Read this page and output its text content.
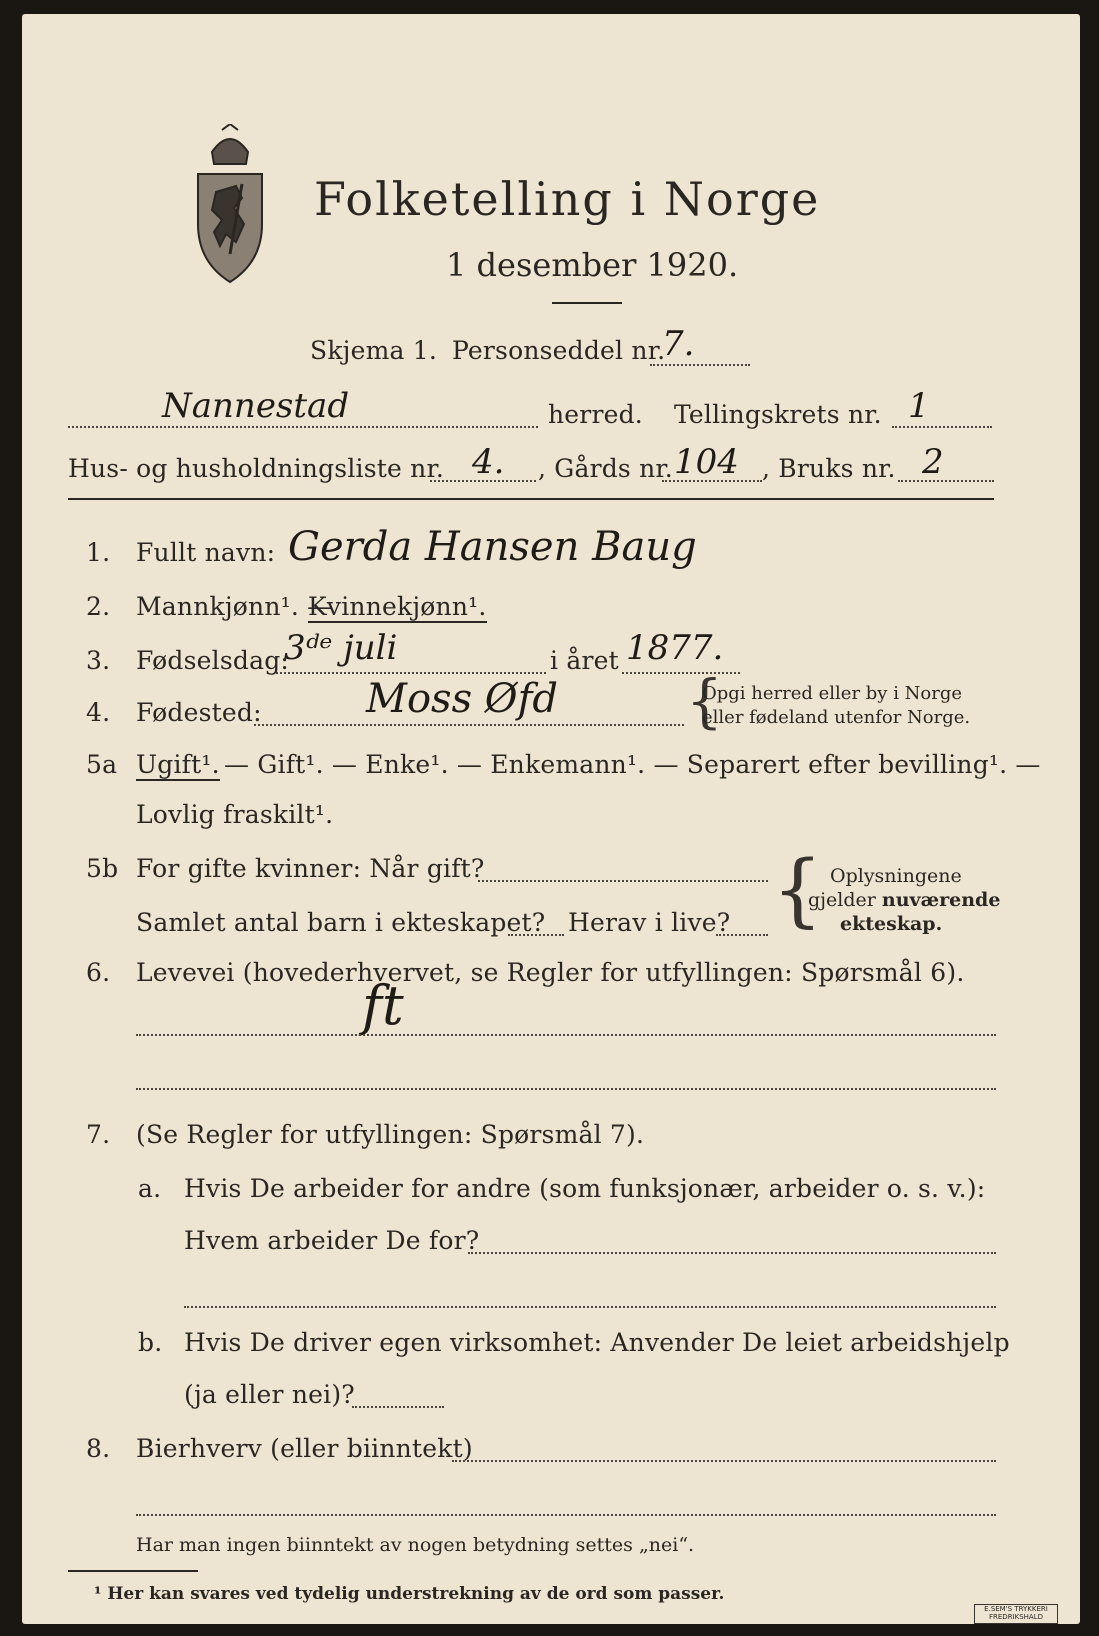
Folketelling i Norge
1 desember 1920.
Skjema 1. Personseddel nr.
7.
Nannestad	herred. Tellingskrets nr. 1
Hus- og husholdningsliste nr. 4. , Gårds nr. 104 , Bruks nr. 2
1. Fullt navn: Gerda Hansen Baug
2. Mannkjønn¹. —
Kvinnekjønn¹.
3. Fødselsdag:
3ᵈᵉ juli	i året 1877.
4. Fødested:	Moss Øfd {
Opgi herred eller by i Norge
eller fødeland utenfor Norge.
5a Ugift¹. — Gift¹. — Enke¹. — Enkemann¹. — Separert efter bevilling¹. —
Lovlig fraskilt¹.
5b For gifte kvinner: Når gift?
Samlet antal barn i ekteskapet? Herav i live? { Oplysningene
gjelder nuværende
ekteskap.
6. Levevei (hovederhvervet, se Regler for utfyllingen: Spørsmål 6).
ft
7. (Se Regler for utfyllingen: Spørsmål 7).
a. Hvis De arbeider for andre (som funksjonær, arbeider o. s. v.):
Hvem arbeider De for?
b. Hvis De driver egen virksomhet: Anvender De leiet arbeidshjelp
(ja eller nei)?
8. Bierhverv (eller biinntekt)
Har man ingen biinntekt av nogen betydning settes „nei“.
¹ Her kan svares ved tydelig understrekning av de ord som passer.
E.SEM'S TRYKKERI FREDRIKSHALD
